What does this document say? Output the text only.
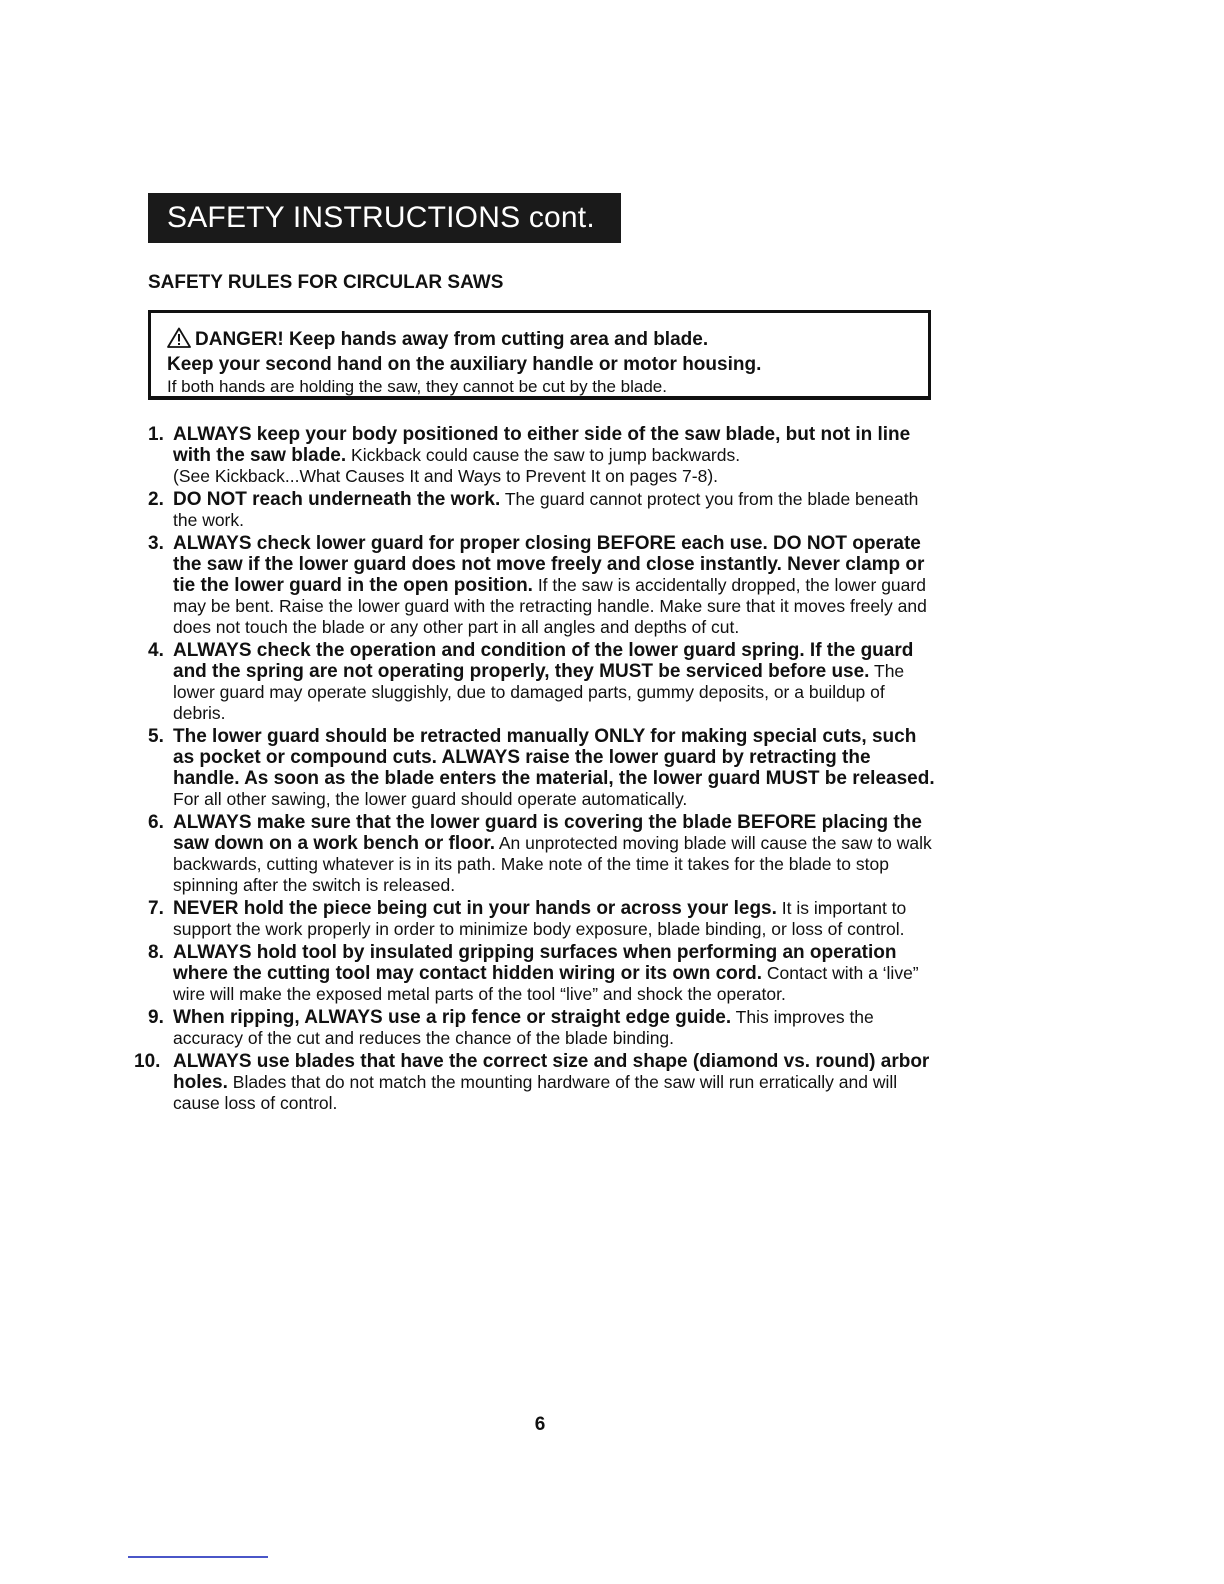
SAFETY INSTRUCTIONS cont.
SAFETY RULES FOR CIRCULAR SAWS
DANGER! Keep hands away from cutting area and blade.
Keep your second hand on the auxiliary handle or motor housing.
If both hands are holding the saw, they cannot be cut by the blade.
1. ALWAYS keep your body positioned to either side of the saw blade, but not in line with the saw blade. Kickback could cause the saw to jump backwards.
(See Kickback...What Causes It and Ways to Prevent It on pages 7-8).
2. DO NOT reach underneath the work. The guard cannot protect you from the blade beneath the work.
3. ALWAYS check lower guard for proper closing BEFORE each use. DO NOT operate the saw if the lower guard does not move freely and close instantly. Never clamp or tie the lower guard in the open position. If the saw is accidentally dropped, the lower guard may be bent. Raise the lower guard with the retracting handle. Make sure that it moves freely and does not touch the blade or any other part in all angles and depths of cut.
4. ALWAYS check the operation and condition of the lower guard spring. If the guard and the spring are not operating properly, they MUST be serviced before use. The lower guard may operate sluggishly, due to damaged parts, gummy deposits, or a buildup of debris.
5. The lower guard should be retracted manually ONLY for making special cuts, such as pocket or compound cuts. ALWAYS raise the lower guard by retracting the handle. As soon as the blade enters the material, the lower guard MUST be released. For all other sawing, the lower guard should operate automatically.
6. ALWAYS make sure that the lower guard is covering the blade BEFORE placing the saw down on a work bench or floor. An unprotected moving blade will cause the saw to walk backwards, cutting whatever is in its path. Make note of the time it takes for the blade to stop spinning after the switch is released.
7. NEVER hold the piece being cut in your hands or across your legs. It is important to support the work properly in order to minimize body exposure, blade binding, or loss of control.
8. ALWAYS hold tool by insulated gripping surfaces when performing an operation where the cutting tool may contact hidden wiring or its own cord. Contact with a ‘live” wire will make the exposed metal parts of the tool “live” and shock the operator.
9. When ripping, ALWAYS use a rip fence or straight edge guide. This improves the accuracy of the cut and reduces the chance of the blade binding.
10. ALWAYS use blades that have the correct size and shape (diamond vs. round) arbor holes. Blades that do not match the mounting hardware of the saw will run erratically and will cause loss of control.
6
